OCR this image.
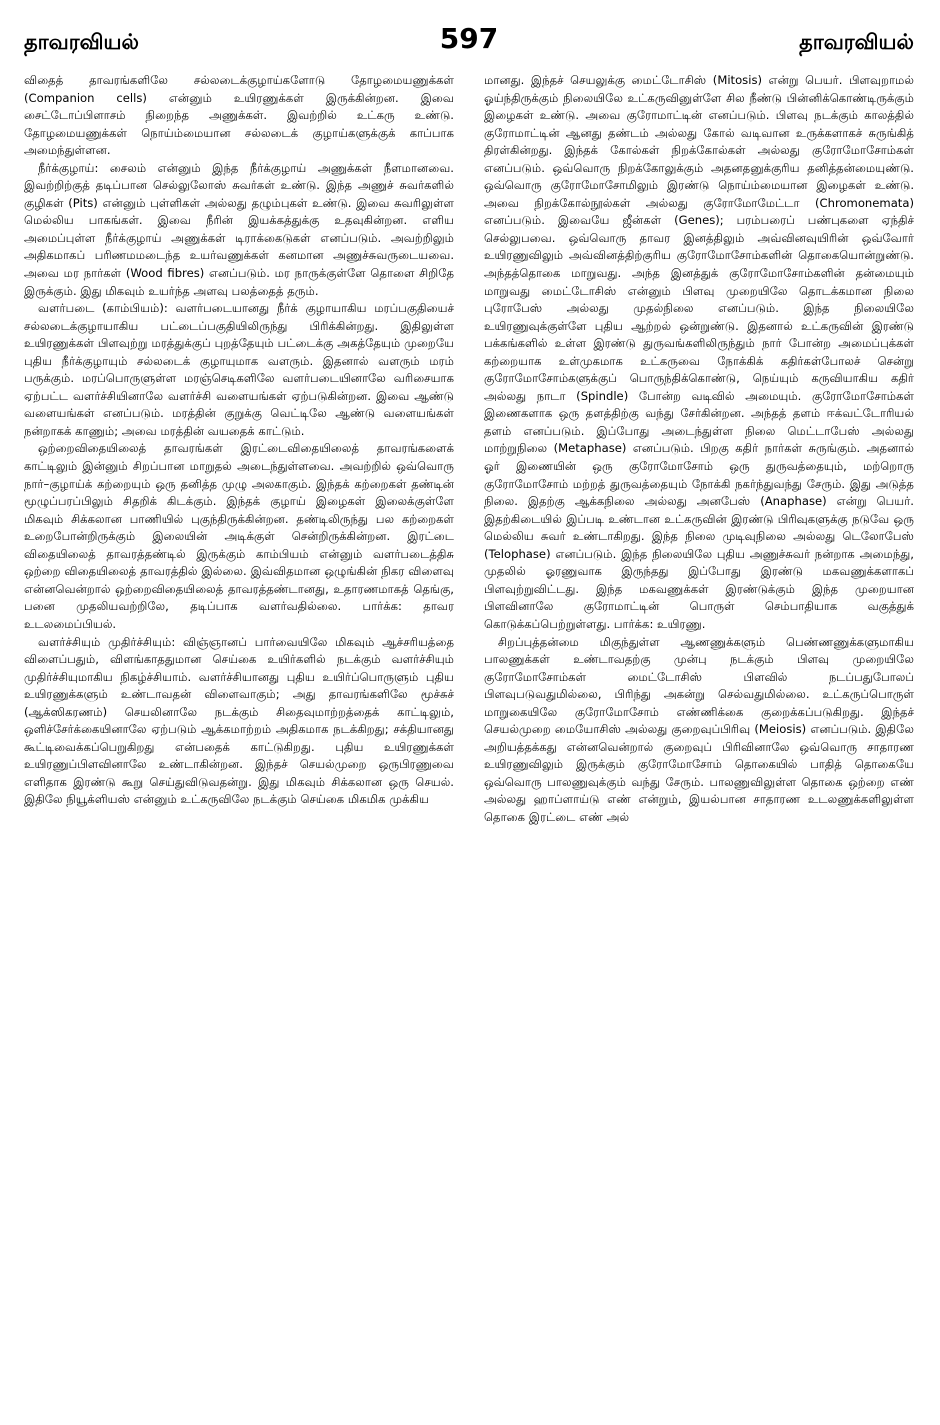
தாவரவியல்	597	தாவரவியல்

விதைத் தாவரங்களிலே சல்லடைக்குழாய்களோடு தோழமையணுக்கள் (Companion cells) என்னும் உயிரணுக்கள் இருக்கின்றன. இவை சைட்டோப்பிளாசம் நிறைந்த அணுக்கள். இவற்றில் உட்கரு உண்டு. தோழமையணுக்கள் நொய்ம்மையான சல்லடைக் குழாய்களுக்குக் காப்பாக அமைந்துள்ளன.

நீர்க்குழாய்: சைலம் என்னும் இந்த நீர்க்குழாய் அணுக்கள் நீளமானவை. இவற்றிற்குத் தடிப்பான செல்லுலோஸ் சுவர்கள் உண்டு. இந்த அணுச் சுவர்களில் குழிகள் (Pits) என்னும் புள்ளிகள் அல்லது தழும்புகள் உண்டு. இவை சுவரிலுள்ள மெல்லிய பாகங்கள். இவை நீரின் இயக்கத்துக்கு உதவுகின்றன. எளிய அமைப்புள்ள நீர்க்குழாய் அணுக்கள் டிராக்கைடுகள் எனப்படும். அவற்றிலும் அதிகமாகப் பரிணமமடைந்த உயர்வணுக்கள் கனமான அணுச்சுவருடையவை. அவை மர நார்கள் (Wood fibres) எனப்படும். மர நாருக்குள்ளே தொளை சிறிதே இருக்கும். இது மிகவும் உயர்ந்த அளவு பலத்தைத் தரும்.

வளர்படை (காம்பியம்): வளர்படையானது நீர்க் குழாயாகிய மரப்பகுதியைச் சல்லடைக்குழாயாகிய பட்டைப்பகுதியிலிருந்து பிரிக்கின்றது. இதிலுள்ள உயிரணுக்கள் பிளவுற்று மரத்துக்குப் புறத்தேயும் பட்டைக்கு அகத்தேயும் முறையே புதிய நீர்க்குழாயும் சல்லடைக் குழாயுமாக வளரும். இதனால் வளரும் மரம் பருக்கும். மரப்பொருளுள்ள மரஞ்செடிகளிலே வளர்படையினாலே வரிசையாக ஏற்பட்ட வளர்ச்சியினாலே வளர்ச்சி வளையங்கள் ஏற்படுகின்றன. இவை ஆண்டு வளையங்கள் எனப்படும். மரத்தின் குறுக்கு வெட்டிலே ஆண்டு வளையங்கள் நன்றாகக் காணும்; அவை மரத்தின் வயதைக் காட்டும்.

ஒற்றைவிதையிலைத் தாவரங்கள் இரட்டைவிதையிலைத் தாவரங்களைக் காட்டிலும் இன்னும் சிறப்பான மாறுதல் அடைந்துள்ளவை. அவற்றில் ஒவ்வொரு நார்–குழாய்க் கற்றையும் ஒரு தனித்த முழு அலகாகும். இந்தக் கற்றைகள் தண்டின் மூழுப்பரப்பிலும் சிதறிக் கிடக்கும். இந்தக் குழாய் இழைகள் இலைக்குள்ளே மிகவும் சிக்கலான பாணியில் புகுந்திருக்கின்றன. தண்டிலிருந்து பல கற்றைகள் உறைபோன்றிருக்கும் இலையின் அடிக்குள் சென்றிருக்கின்றன. இரட்டை விதையிலைத் தாவரத்தண்டில் இருக்கும் காம்பியம் என்னும் வளர்படைத்திசு ஒற்றை விதையிலைத் தாவரத்தில் இல்லை. இவ்விதமான ஒழுங்கின் நிகர விளைவு என்னவென்றால் ஒற்றைவிதையிலைத் தாவரத்தண்டானது, உதாரணமாகத் தெங்கு, பனை முதலியவற்றிலே, தடிப்பாக வளர்வதில்லை. பார்க்க: தாவர உடலமைப்பியல்.

வளர்ச்சியும் முதிர்ச்சியும்: விஞ்ஞானப் பார்வையிலே மிகவும் ஆச்சரியத்தை விளைப்பதும், விளங்காததுமான செய்கை உயிர்களில் நடக்கும் வளர்ச்சியும் முதிர்ச்சியுமாகிய நிகழ்ச்சியாம். வளர்ச்சியானது புதிய உயிர்ப்பொருளும் புதிய உயிரணுக்களும் உண்டாவதன் விளைவாகும்; அது தாவரங்களிலே மூச்சுச் (ஆக்ஸிகரணம்) செயலினாலே நடக்கும் சிதைவுமாற்றத்தைக் காட்டிலும், ஒளிச்சேர்க்கையினாலே ஏற்படும் ஆக்கமாற்றம் அதிகமாக நடக்கிறது; சக்தியானது கூட்டிவைக்கப்பெறுகிறது என்பதைக் காட்டுகிறது. புதிய உயிரணுக்கள் உயிரணுப்பிளவினாலே உண்டாகின்றன. இந்தச் செயல்முறை ஒருபிரணுவை எளிதாக இரண்டு கூறு செய்துவிடுவதன்று. இது மிகவும் சிக்கலான ஒரு செயல். இதிலே நியூக்ளியஸ் என்னும் உட்கருவிலே நடக்கும் செய்கை மிகமிக முக்கிய

மானது. இந்தச் செயலுக்கு மைட்டோசிஸ் (Mitosis) என்று பெயர். பிளவுறாமல் ஓய்ந்திருக்கும் நிலையிலே உட்கருவினுள்ளே சில நீண்டு பின்னிக்கொண்டிருக்கும் இழைகள் உண்டு. அவை குரோமாட்டின் எனப்படும். பிளவு நடக்கும் காலத்தில் குரோமாட்டின் ஆனது தண்டம் அல்லது கோல் வடிவான உருக்களாகச் சுருங்கித் திரள்கின்றது. இந்தக் கோல்கள் நிறக்கோல்கள் அல்லது குரோமோசோம்கள் எனப்படும். ஒவ்வொரு நிறக்கோலுக்கும் அதனதனுக்குரிய தனித்தன்மையுண்டு. ஒவ்வொரு குரோமோசோமிலும் இரண்டு நொய்ம்மையான இழைகள் உண்டு. அவை நிறக்கோல்நூல்கள் அல்லது குரோமோமேட்டா (Chromonemata) எனப்படும். இவையே ஜீன்கள் (Genes); பரம்பரைப் பண்புகளை ஏந்திச் செல்லுபவை. ஒவ்வொரு தாவர இனத்திலும் அவ்வினவுயிரின் ஒவ்வோர் உயிரணுவிலும் அவ்வினத்திற்குரிய குரோமோசோம்களின் தொகையொன்றுண்டு. அந்தத்தொகை மாறுவது. அந்த இனத்துக் குரோமோசோம்களின் தன்மையும் மாறுவது மைட்டோசிஸ் என்னும் பிளவு முறையிலே தொடக்கமான நிலை புரோபேஸ் அல்லது முதல்நிலை எனப்படும். இந்த நிலையிலே உயிரணுவுக்குள்ளே புதிய ஆற்றல் ஒன்றுண்டு. இதனால் உட்கருவின் இரண்டு பக்கங்களில் உள்ள இரண்டு துருவங்களிலிருந்தும் நார் போன்ற அமைப்புக்கள் கற்றையாக உள்முகமாக உட்கருவை நோக்கிக் கதிர்கள்போலச் சென்று குரோமோசோம்களுக்குப் பொருந்திக்கொண்டு, நெய்யும் கருவியாகிய கதிர் அல்லது நாடா (Spindle) போன்ற வடிவில் அமையும். குரோமோசோம்கள் இணைகளாக ஒரு தளத்திற்கு வந்து சேர்கின்றன. அந்தத் தளம் ஈக்வட்டோரியல் தளம் எனப்படும். இப்போது அடைந்துள்ள நிலை மெட்டாபேஸ் அல்லது மாற்றுநிலை (Metaphase) எனப்படும். பிறகு கதிர் நார்கள் சுருங்கும். அதனால் ஓர் இணையின் ஒரு குரோமோசோம் ஒரு துருவத்தையும், மற்றொரு குரோமோசோம் மற்றத் துருவத்தையும் நோக்கி நகர்ந்துவந்து சேரும். இது அடுத்த நிலை. இதற்கு ஆக்கநிலை அல்லது அனபேஸ் (Anaphase) என்று பெயர். இதற்கிடையில் இப்படி உண்டான உட்கருவின் இரண்டு பிரிவுகளுக்கு நடுவே ஒரு மெல்லிய சுவர் உண்டாகிறது. இந்த நிலை முடிவுநிலை அல்லது டெலோபேஸ் (Telophase) எனப்படும். இந்த நிலையிலே புதிய அணுச்சுவர் நன்றாக அமைந்து, முதலில் ஓரணுவாக இருந்தது இப்போது இரண்டு மகவணுக்களாகப் பிளவுற்றுவிட்டது. இந்த மகவணுக்கள் இரண்டுக்கும் இந்த முறையான பிளவினாலே குரோமாட்டின் பொருள் செம்பாதியாக வகுத்துக் கொடுக்கப்பெற்றுள்ளது. பார்க்க: உயிரணு.

சிறப்புத்தன்மை மிகுந்துள்ள ஆணணுக்களும் பெண்ணணுக்களுமாகிய பாலணுக்கள் உண்டாவதற்கு முன்பு நடக்கும் பிளவு முறையிலே குரோமோசோம்கள் மைட்டோசிஸ் பிளவில் நடப்பதுபோலப் பிளவுபடுவதுமில்லை, பிரிந்து அகன்று செல்வதுமில்லை. உட்கருப்பொருள் மாறுகையிலே குரோமோசோம் எண்ணிக்கை குறைக்கப்படுகிறது. இந்தச் செயல்முறை மையோசிஸ் அல்லது குறைவுப்பிரிவு (Meiosis) எனப்படும். இதிலே அறியத்தக்கது என்னவென்றால் குறைவுப் பிரிவினாலே ஒவ்வொரு சாதாரண உயிரணுவிலும் இருக்கும் குரோமோசோம் தொகையில் பாதித் தொகையே ஒவ்வொரு பாலணுவுக்கும் வந்து சேரும். பாலணுவிலுள்ள தொகை ஒற்றை எண் அல்லது ஹாப்ளாய்டு எண் என்றும், இயல்பான சாதாரண உடலணுக்களிலுள்ள தொகை இரட்டை எண் அல்
